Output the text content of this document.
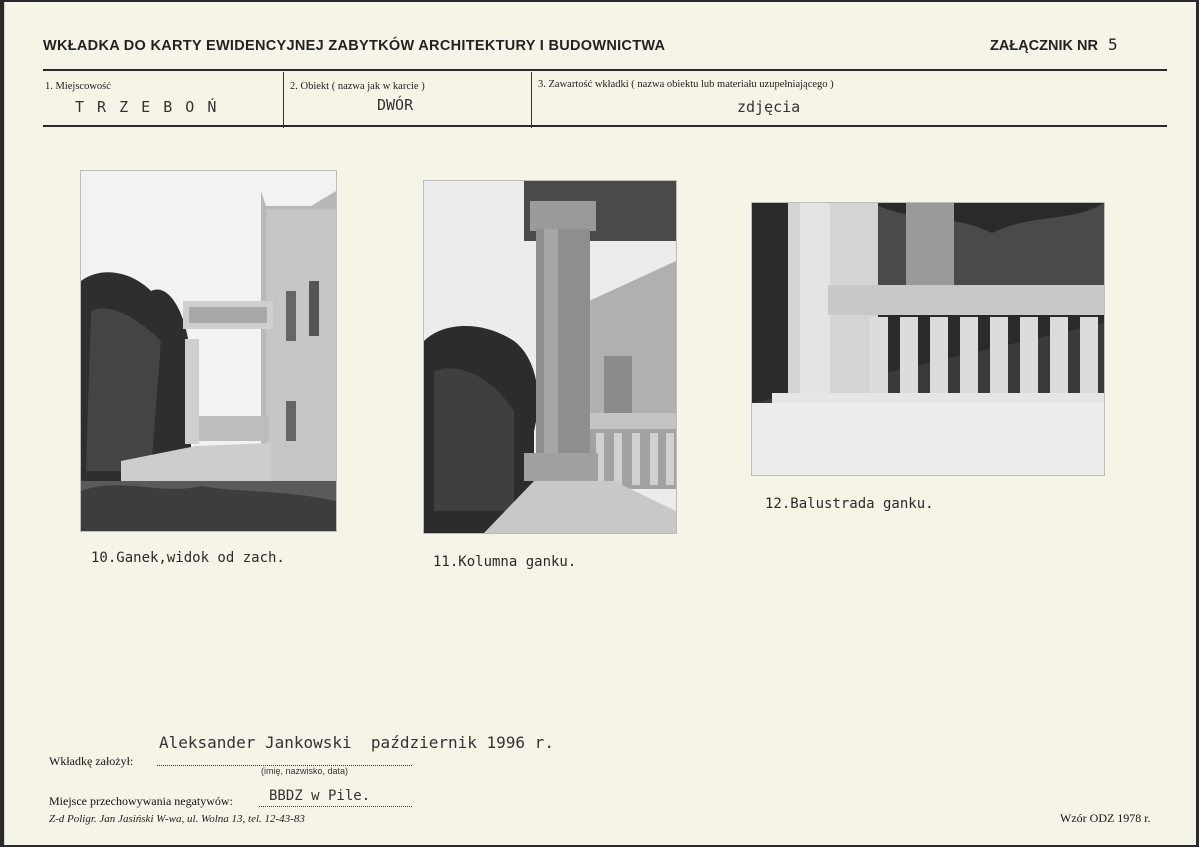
WKŁADKA DO KARTY EWIDENCYJNEJ ZABYTKÓW ARCHITEKTURY I BUDOWNICTWA	ZAŁĄCZNIK NR 5
1. Miejscowość
T R Z E B O Ń
2. Obiekt ( nazwa jak w karcie )
DWÓR
3. Zawartość wkładki ( nazwa obiektu lub materiału uzupełniającego )
zdjęcia
10.Ganek,widok od zach.	11.Kolumna ganku.
12.Balustrada ganku.
Aleksander Jankowski  październik 1996 r.
Wkładkę założył:
(imię, nazwisko, data)
Miejsce przechowywania negatywów:	BBDZ w Pile.
Z-d Poligr. Jan Jasiński W-wa, ul. Wolna 13, tel. 12-43-83	Wzór ODZ 1978 r.
